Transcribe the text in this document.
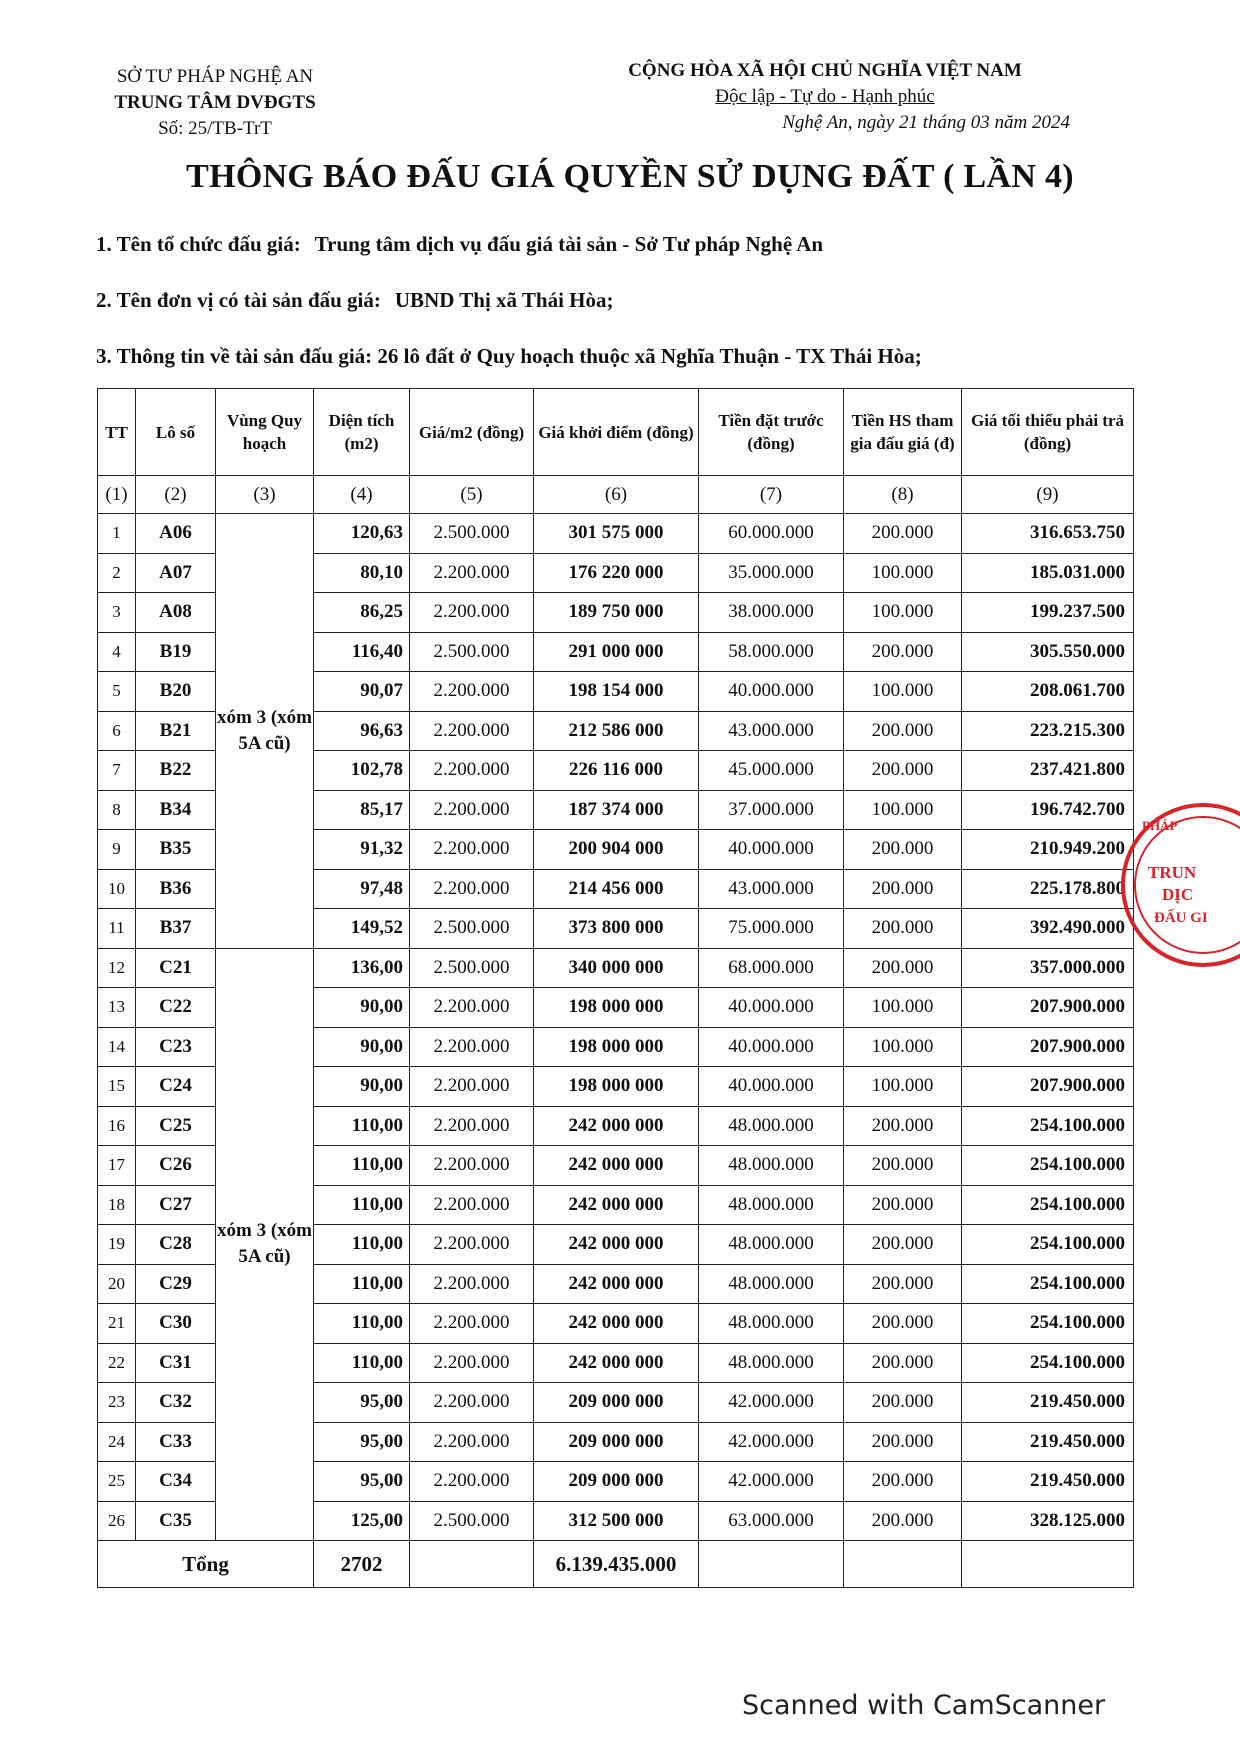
SỞ TƯ PHÁP NGHỆ AN
TRUNG TÂM DVĐGTS
Số: 25/TB-TrT
CỘNG HÒA XÃ HỘI CHỦ NGHĨA VIỆT NAM
Độc lập - Tự do - Hạnh phúc
Nghệ An, ngày 21 tháng 03 năm 2024
THÔNG BÁO ĐẤU GIÁ QUYỀN SỬ DỤNG ĐẤT ( LẦN 4)
1. Tên tổ chức đấu giá: Trung tâm dịch vụ đấu giá tài sản - Sở Tư pháp Nghệ An
2. Tên đơn vị có tài sản đấu giá: UBND Thị xã Thái Hòa;
3. Thông tin về tài sản đấu giá: 26 lô đất ở Quy hoạch thuộc xã Nghĩa Thuận - TX Thái Hòa;
TT	Lô số	Vùng Quy hoạch	Diện tích (m2)	Giá/m2 (đồng)	Giá khởi điểm (đồng)	Tiền đặt trước (đồng)	Tiền HS tham gia đấu giá (đ)	Giá tối thiểu phải trả (đồng)
(1)	(2)	(3)	(4)	(5)	(6)	(7)	(8)	(9)
1	A06	xóm 3 (xóm 5A cũ)	120,63	2.500.000	301 575 000	60.000.000	200.000	316.653.750
2	A07		80,10	2.200.000	176 220 000	35.000.000	100.000	185.031.000
3	A08		86,25	2.200.000	189 750 000	38.000.000	100.000	199.237.500
4	B19		116,40	2.500.000	291 000 000	58.000.000	200.000	305.550.000
5	B20		90,07	2.200.000	198 154 000	40.000.000	100.000	208.061.700
6	B21		96,63	2.200.000	212 586 000	43.000.000	200.000	223.215.300
7	B22		102,78	2.200.000	226 116 000	45.000.000	200.000	237.421.800
8	B34		85,17	2.200.000	187 374 000	37.000.000	100.000	196.742.700
9	B35		91,32	2.200.000	200 904 000	40.000.000	200.000	210.949.200
10	B36		97,48	2.200.000	214 456 000	43.000.000	200.000	225.178.800
11	B37		149,52	2.500.000	373 800 000	75.000.000	200.000	392.490.000
12	C21	xóm 3 (xóm 5A cũ)	136,00	2.500.000	340 000 000	68.000.000	200.000	357.000.000
13	C22		90,00	2.200.000	198 000 000	40.000.000	100.000	207.900.000
14	C23		90,00	2.200.000	198 000 000	40.000.000	100.000	207.900.000
15	C24		90,00	2.200.000	198 000 000	40.000.000	100.000	207.900.000
16	C25		110,00	2.200.000	242 000 000	48.000.000	200.000	254.100.000
17	C26		110,00	2.200.000	242 000 000	48.000.000	200.000	254.100.000
18	C27		110,00	2.200.000	242 000 000	48.000.000	200.000	254.100.000
19	C28		110,00	2.200.000	242 000 000	48.000.000	200.000	254.100.000
20	C29		110,00	2.200.000	242 000 000	48.000.000	200.000	254.100.000
21	C30		110,00	2.200.000	242 000 000	48.000.000	200.000	254.100.000
22	C31		110,00	2.200.000	242 000 000	48.000.000	200.000	254.100.000
23	C32		95,00	2.200.000	209 000 000	42.000.000	200.000	219.450.000
24	C33		95,00	2.200.000	209 000 000	42.000.000	200.000	219.450.000
25	C34		95,00	2.200.000	209 000 000	42.000.000	200.000	219.450.000
26	C35		125,00	2.500.000	312 500 000	63.000.000	200.000	328.125.000
Tổng			2702		6.139.435.000			
PHÁP
TRUN
DỊC
ĐẤU GI
Scanned with CamScanner
